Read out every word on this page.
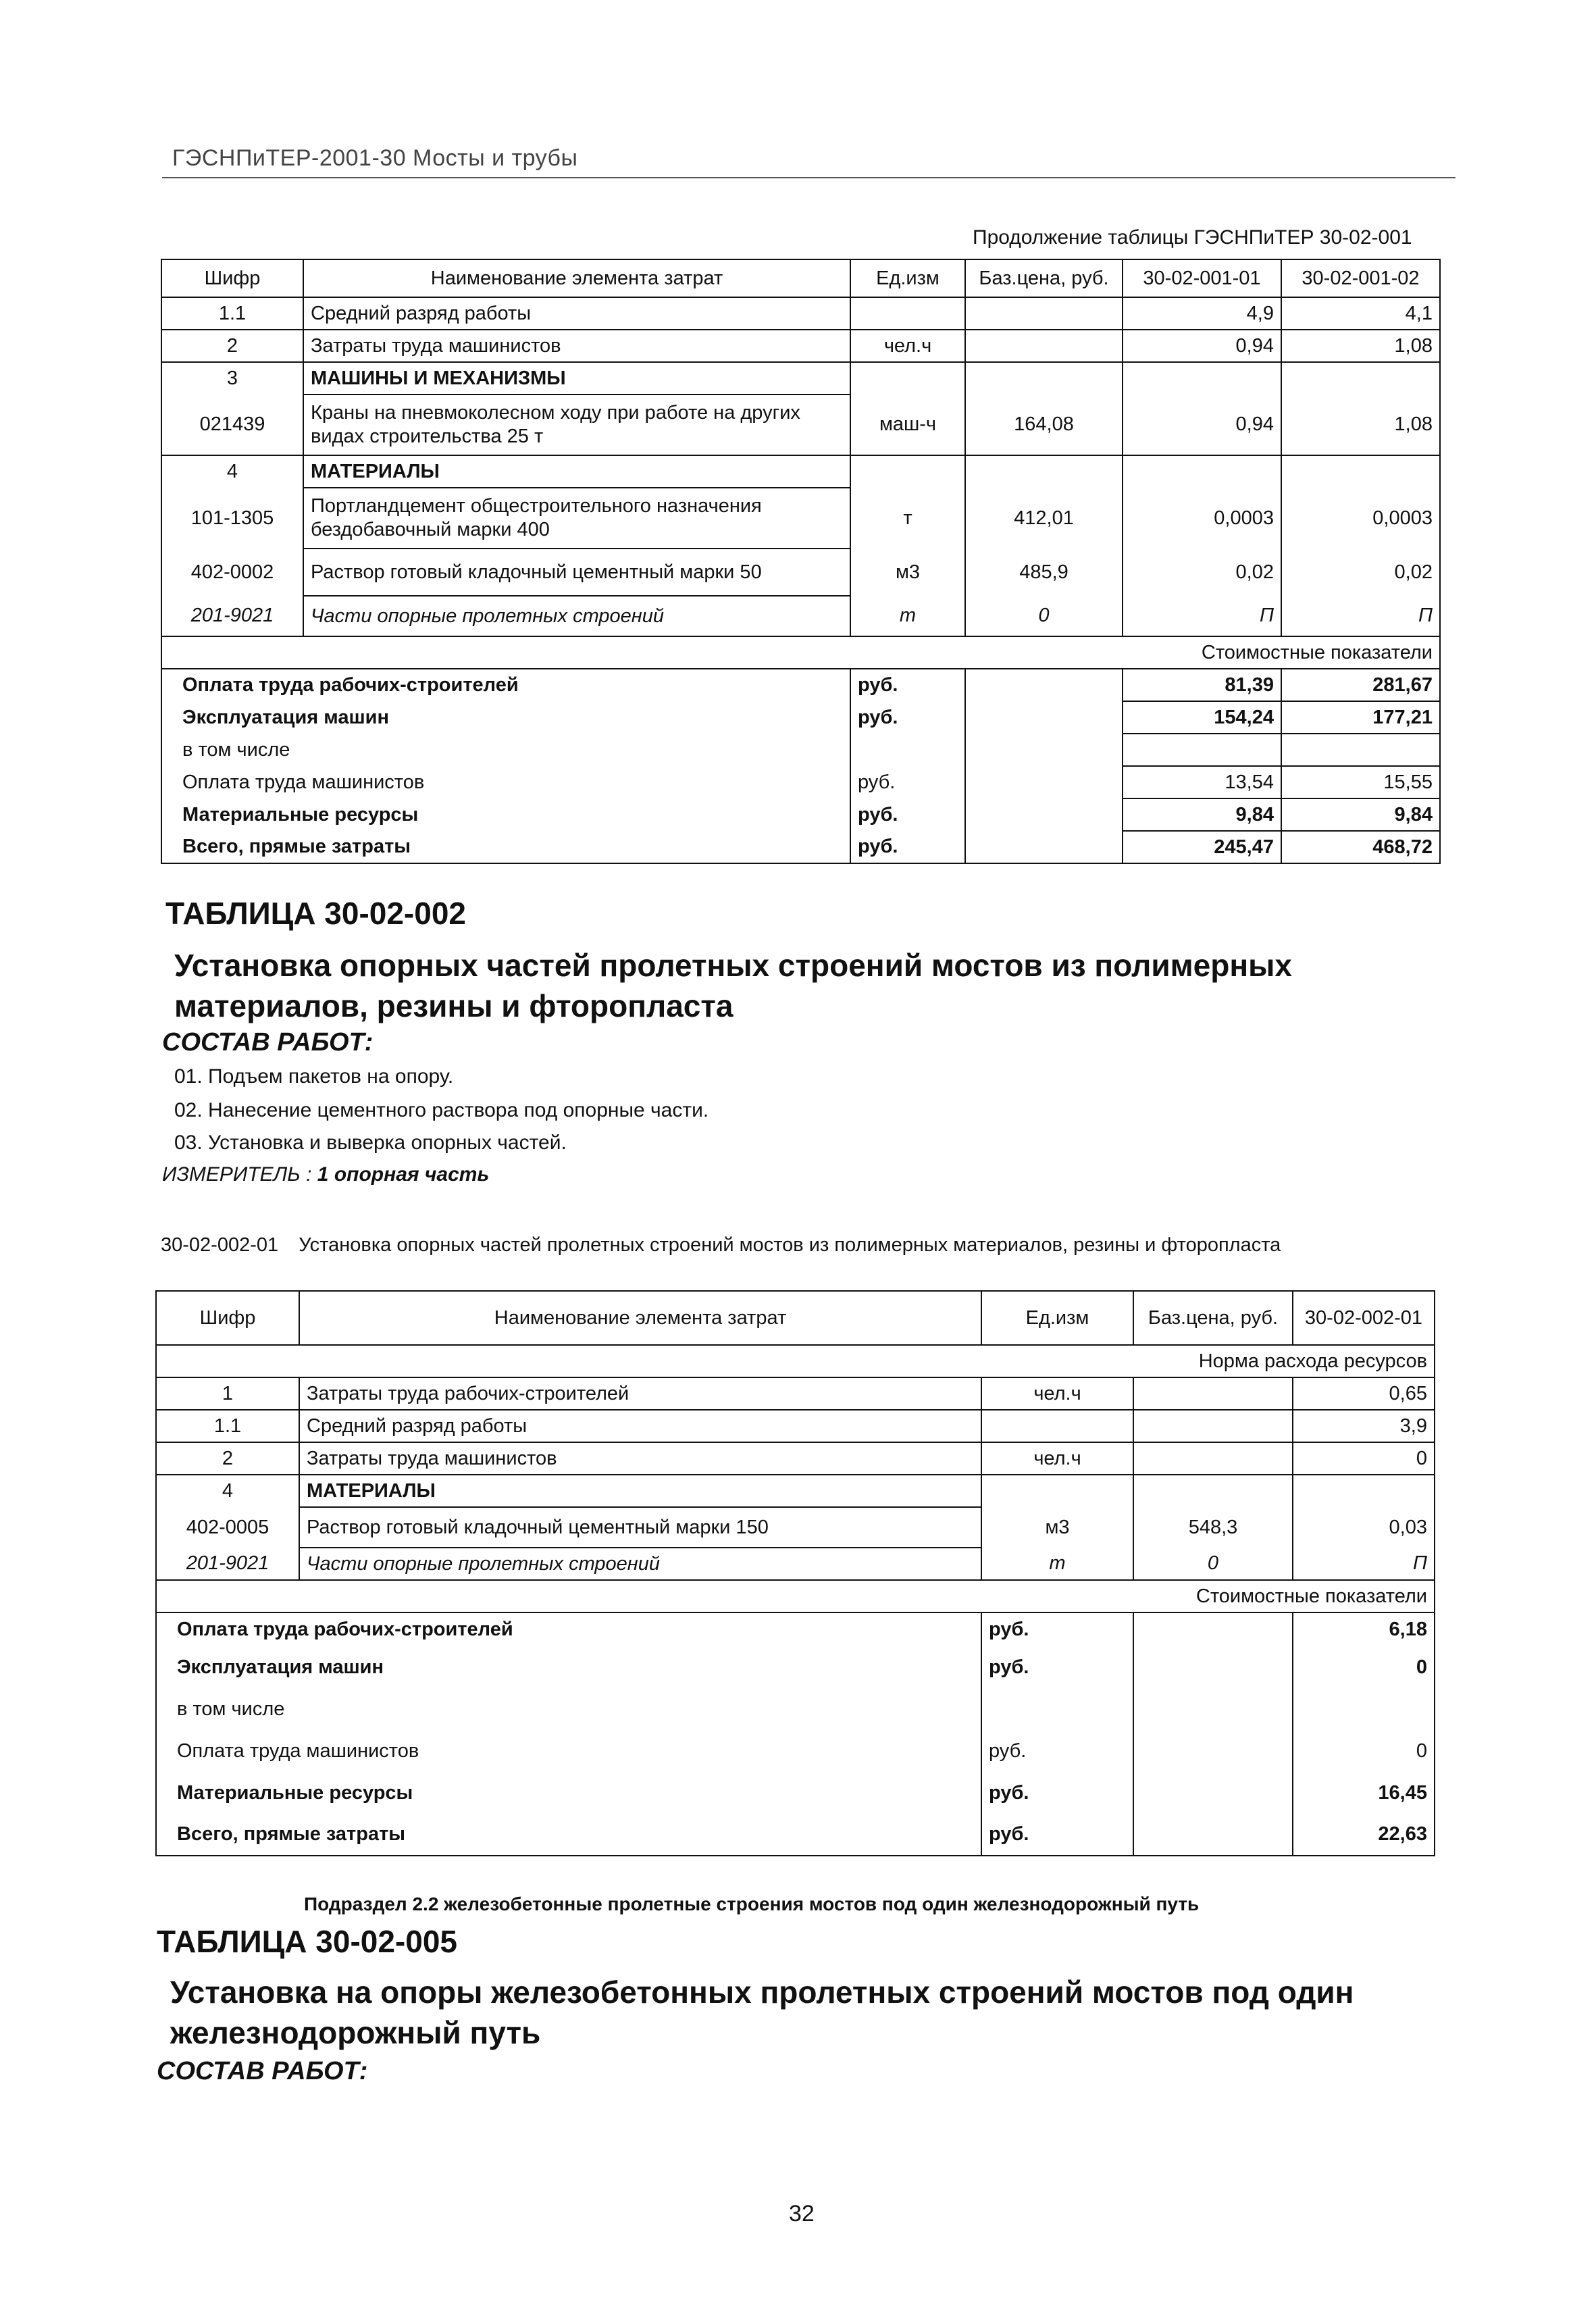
ГЭСНПиТЕР-2001-30 Мосты и трубы
Продолжение таблицы ГЭСНПиТЕР 30-02-001
Шифр	Наименование элемента затрат	Ед.изм	Баз.цена, руб.	30-02-001-01	30-02-001-02
1.1	Средний разряд работы			4,9	4,1
2	Затраты труда машинистов	чел.ч		0,94	1,08
3	МАШИНЫ И МЕХАНИЗМЫ				
021439	Краны на пневмоколесном ходу при работе на других видах строительства 25 т	маш-ч	164,08	0,94	1,08
4	МАТЕРИАЛЫ				
101-1305	Портландцемент общестроительного назначения бездобавочный марки 400	т	412,01	0,0003	0,0003
402-0002	Раствор готовый кладочный цементный марки 50	м3	485,9	0,02	0,02
201-9021	Части опорные пролетных строений	т	0	П	П
Стоимостные показатели					
Оплата труда рабочих-строителей		руб.		81,39	281,67
Эксплуатация машин		руб.		154,24	177,21
в том числе					
Оплата труда машинистов		руб.		13,54	15,55
Материальные ресурсы		руб.		9,84	9,84
Всего, прямые затраты		руб.		245,47	468,72
ТАБЛИЦА 30-02-002
Установка опорных частей пролетных строений мостов из полимерных материалов, резины и фторопласта
СОСТАВ РАБОТ:
01. Подъем пакетов на опору.
02. Нанесение цементного раствора под опорные части.
03. Установка и выверка опорных частей.
ИЗМЕРИТЕЛЬ : 1 опорная часть
30-02-002-01 Установка опорных частей пролетных строений мостов из полимерных материалов, резины и фторопласта
Шифр	Наименование элемента затрат	Ед.изм	Баз.цена, руб.	30-02-002-01
Норма расхода ресурсов				
1	Затраты труда рабочих-строителей	чел.ч		0,65
1.1	Средний разряд работы			3,9
2	Затраты труда машинистов	чел.ч		0
4	МАТЕРИАЛЫ			
402-0005	Раствор готовый кладочный цементный марки 150	м3	548,3	0,03
201-9021	Части опорные пролетных строений	т	0	П
Стоимостные показатели				
Оплата труда рабочих-строителей		руб.		6,18
Эксплуатация машин		руб.		0
в том числе				
Оплата труда машинистов		руб.		0
Материальные ресурсы		руб.		16,45
Всего, прямые затраты		руб.		22,63
Подраздел 2.2 железобетонные пролетные строения мостов под один железнодорожный путь
ТАБЛИЦА 30-02-005
Установка на опоры железобетонных пролетных строений мостов под один железнодорожный путь
СОСТАВ РАБОТ:
32
